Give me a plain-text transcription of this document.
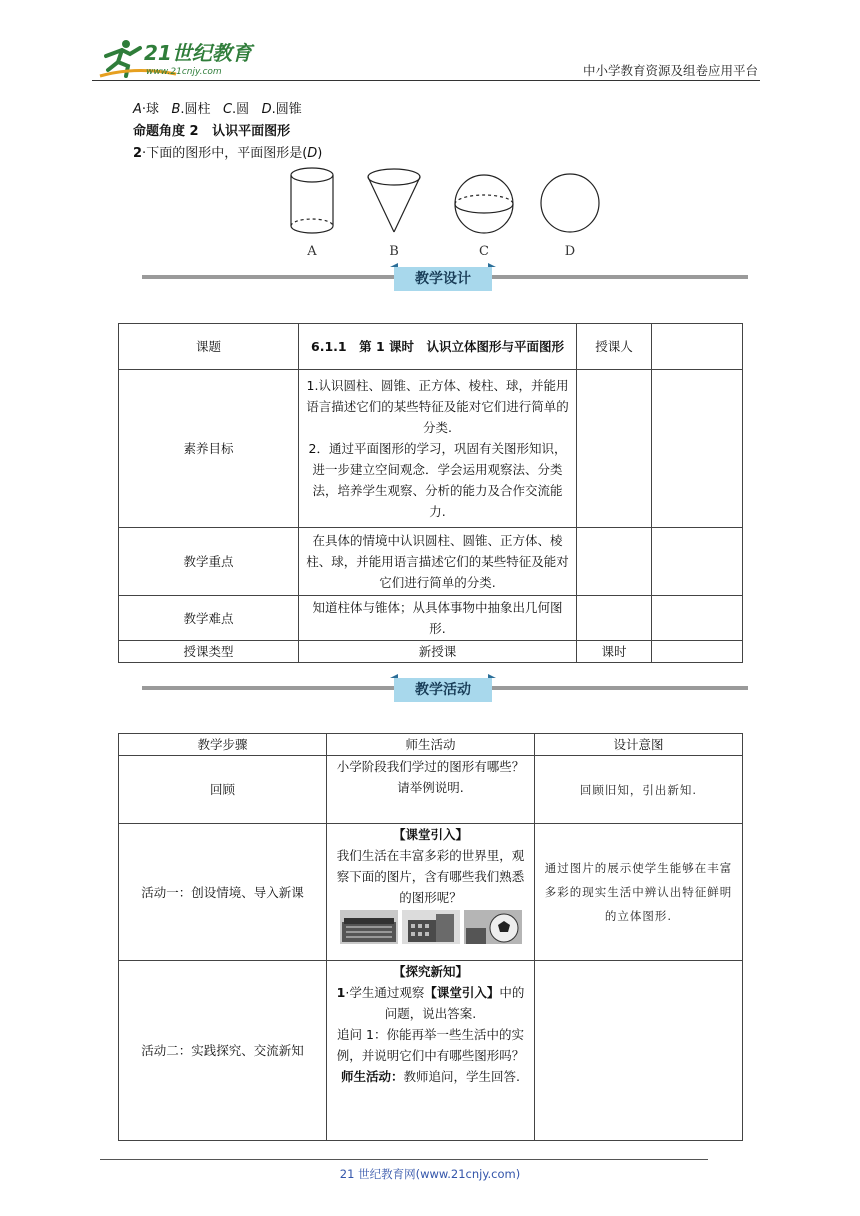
21世纪教育
www.21cnjy.com	中小学教育资源及组卷应用平台
A·球 B.圆柱 C.圆 D.圆锥
命题角度 2 认识平面图形
2·下面的图形中，平面图形是(D)
A	B	C	D
教学设计
课题	6.1.1　第 1 课时　认识立体图形与平面图形	授课人	
素养目标	1.认识圆柱、圆锥、正方体、棱柱、球，并能用语言描述它们的某些特征及能对它们进行简单的分类.
2．通过平面图形的学习，巩固有关图形知识，进一步建立空间观念．学会运用观察法、分类法，培养学生观察、分析的能力及合作交流能力.		

教学重点	在具体的情境中认识圆柱、圆锥、正方体、棱柱、球，并能用语言描述它们的某些特征及能对它们进行简单的分类.		
教学难点	知道柱体与锥体；从具体事物中抽象出几何图形.		
授课类型	新授课	课时	
教学活动
教学步骤	师生活动	设计意图
回顾	小学阶段我们学过的图形有哪些？请举例说明.	回顾旧知，引出新知.
活动一：创设情境、导入新课	【课堂引入】
我们生活在丰富多彩的世界里，观察下面的图片，含有哪些我们熟悉的图形呢？	通过图片的展示使学生能够在丰富多彩的现实生活中辨认出特征鲜明的立体图形.
活动二：实践探究、交流新知	【探究新知】
1·学生通过观察【课堂引入】中的问题，说出答案.
追问 1：你能再举一些生活中的实例，并说明它们中有哪些图形吗？
师生活动：教师追问，学生回答.	

21 世纪教育网(www.21cnjy.com)
